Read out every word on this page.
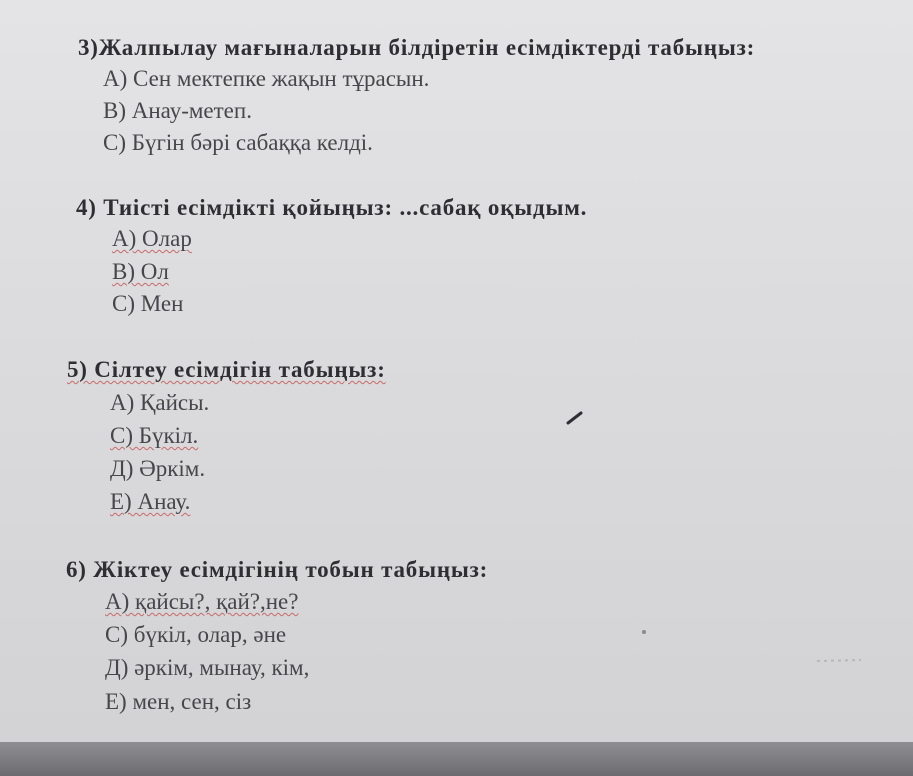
3)Жалпылау мағыналарын білдіретін есімдіктерді табыңыз:
A) Сен мектепке жақын тұрасын.
B) Анау-метеп.
C) Бүгін бәрі сабаққа келді.
4) Тиісті есімдікті қойыңыз: ...сабақ оқыдым.
A) Олар
B) Ол
C) Мен
5) Сілтеу есімдігін табыңыз:
A) Қайсы.
C) Бүкіл.
Д) Әркім.
E) Анау.
6) Жіктеу есімдігінің тобын табыңыз:
A) қайсы?, қай?,не?
C) бүкіл, олар, әне
Д) әркім, мынау, кім,
E) мен, сен, сіз
